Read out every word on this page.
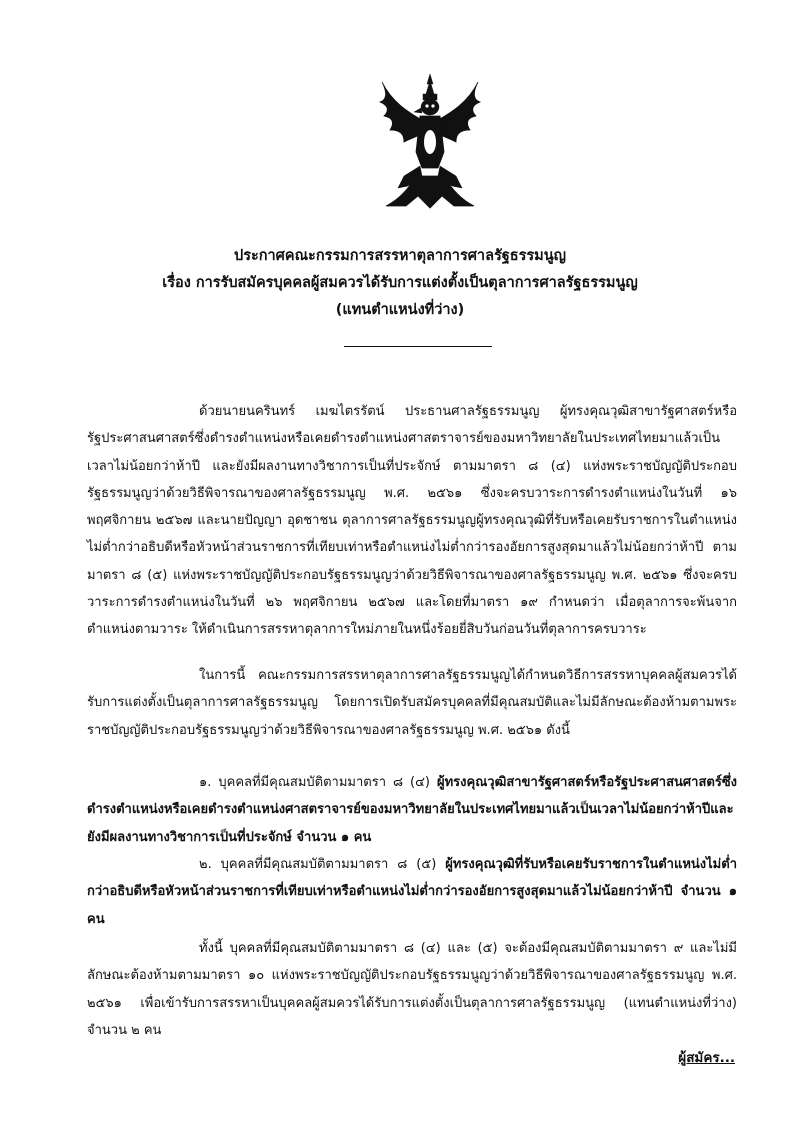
ประกาศคณะกรรมการสรรหาตุลาการศาลรัฐธรรมนูญ
เรื่อง การรับสมัครบุคคลผู้สมควรได้รับการแต่งตั้งเป็นตุลาการศาลรัฐธรรมนูญ
(แทนตำแหน่งที่ว่าง)

ด้วยนายนครินทร์ เมฆไตรรัตน์ ประธานศาลรัฐธรรมนูญ ผู้ทรงคุณวุฒิสาขารัฐศาสตร์หรือรัฐประศาสนศาสตร์ซึ่งดำรงตำแหน่งหรือเคยดำรงตำแหน่งศาสตราจารย์ของมหาวิทยาลัยในประเทศไทยมาแล้วเป็นเวลาไม่น้อยกว่าห้าปี และยังมีผลงานทางวิชาการเป็นที่ประจักษ์ ตามมาตรา ๘ (๔) แห่งพระราชบัญญัติประกอบรัฐธรรมนูญว่าด้วยวิธีพิจารณาของศาลรัฐธรรมนูญ พ.ศ. ๒๕๖๑ ซึ่งจะครบวาระการดำรงตำแหน่งในวันที่ ๑๖ พฤศจิกายน ๒๕๖๗ และนายปัญญา อุดชาชน ตุลาการศาลรัฐธรรมนูญผู้ทรงคุณวุฒิที่รับหรือเคยรับราชการในตำแหน่งไม่ต่ำกว่าอธิบดีหรือหัวหน้าส่วนราชการที่เทียบเท่าหรือตำแหน่งไม่ต่ำกว่ารองอัยการสูงสุดมาแล้วไม่น้อยกว่าห้าปี ตามมาตรา ๘ (๕) แห่งพระราชบัญญัติประกอบรัฐธรรมนูญว่าด้วยวิธีพิจารณาของศาลรัฐธรรมนูญ พ.ศ. ๒๕๖๑ ซึ่งจะครบวาระการดำรงตำแหน่งในวันที่ ๒๖ พฤศจิกายน ๒๕๖๗ และโดยที่มาตรา ๑๙ กำหนดว่า เมื่อตุลาการจะพ้นจากตำแหน่งตามวาระ ให้ดำเนินการสรรหาตุลาการใหม่ภายในหนึ่งร้อยยี่สิบวันก่อนวันที่ตุลาการครบวาระ

ในการนี้ คณะกรรมการสรรหาตุลาการศาลรัฐธรรมนูญได้กำหนดวิธีการสรรหาบุคคลผู้สมควรได้รับการแต่งตั้งเป็นตุลาการศาลรัฐธรรมนูญ โดยการเปิดรับสมัครบุคคลที่มีคุณสมบัติและไม่มีลักษณะต้องห้ามตามพระราชบัญญัติประกอบรัฐธรรมนูญว่าด้วยวิธีพิจารณาของศาลรัฐธรรมนูญ พ.ศ. ๒๕๖๑ ดังนี้

๑. บุคคลที่มีคุณสมบัติตามมาตรา ๘ (๔) ผู้ทรงคุณวุฒิสาขารัฐศาสตร์หรือรัฐประศาสนศาสตร์ซึ่งดำรงตำแหน่งหรือเคยดำรงตำแหน่งศาสตราจารย์ของมหาวิทยาลัยในประเทศไทยมาแล้วเป็นเวลาไม่น้อยกว่าห้าปีและยังมีผลงานทางวิชาการเป็นที่ประจักษ์ จำนวน ๑ คน

๒. บุคคลที่มีคุณสมบัติตามมาตรา ๘ (๕) ผู้ทรงคุณวุฒิที่รับหรือเคยรับราชการในตำแหน่งไม่ต่ำกว่าอธิบดีหรือหัวหน้าส่วนราชการที่เทียบเท่าหรือตำแหน่งไม่ต่ำกว่ารองอัยการสูงสุดมาแล้วไม่น้อยกว่าห้าปี จำนวน ๑ คน

ทั้งนี้ บุคคลที่มีคุณสมบัติตามมาตรา ๘ (๔) และ (๕) จะต้องมีคุณสมบัติตามมาตรา ๙ และไม่มีลักษณะต้องห้ามตามมาตรา ๑๐ แห่งพระราชบัญญัติประกอบรัฐธรรมนูญว่าด้วยวิธีพิจารณาของศาลรัฐธรรมนูญ พ.ศ. ๒๕๖๑ เพื่อเข้ารับการสรรหาเป็นบุคคลผู้สมควรได้รับการแต่งตั้งเป็นตุลาการศาลรัฐธรรมนูญ (แทนตำแหน่งที่ว่าง) จำนวน ๒ คน

ผู้สมัคร...
